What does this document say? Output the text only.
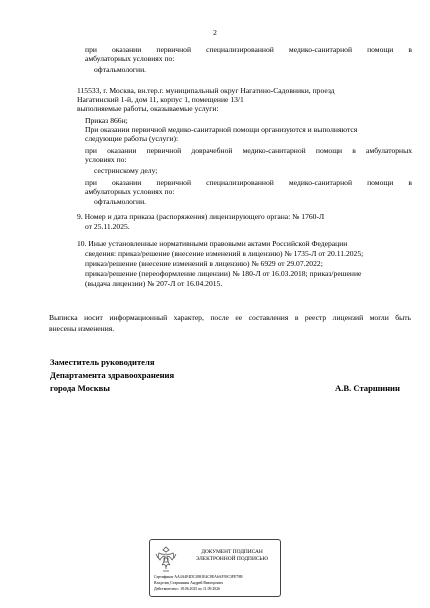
2
при оказании первичной специализированной медико-санитарной помощи в
амбулаторных условиях по:
офтальмологии.
115533, г. Москва, вн.тер.г. муниципальный округ Нагатино-Садовники, проезд
Нагатинский 1-й, дом 11, корпус 1, помещение 13/1
выполняемые работы, оказываемые услуги:
Приказ 866н;
При оказании первичной медико-санитарной помощи организуются и выполняются
следующие работы (услуги):
при оказании первичной доврачебной медико-санитарной помощи в амбулаторных
условиях по:
сестринскому делу;
при оказании первичной специализированной медико-санитарной помощи в
амбулаторных условиях по:
офтальмологии.
9. Номер и дата приказа (распоряжения) лицензирующего органа: № 1760-Л
от 25.11.2025.
10. Иные установленные нормативными правовыми актами Российской Федерации
сведения: приказ/решение (внесение изменений в лицензию) № 1735-Л от 20.11.2025;
приказ/решение (внесение изменений в лицензию) № 6929 от 29.07.2022;
приказ/решение (переоформление лицензии) № 180-Л от 16.03.2018; приказ/решение
(выдача лицензии) № 207-Л от 16.04.2015.
Выписка носит информационный характер, после ее составления в реестр лицензий могли быть
внесены изменения.
Заместитель руководителя
Департамента здравоохранения
города Москвы	А.В. Старшинин
ДОКУМЕНТ ПОДПИСАН
ЭЛЕКТРОННОЙ ПОДПИСЬЮ
Сертификат AA4A4F4DC4981E4C8EA6AF39C3FE79B
Владелец Старшинин Андрей Викторович
Действителен с 18.06.2025 по 11.09.2026
